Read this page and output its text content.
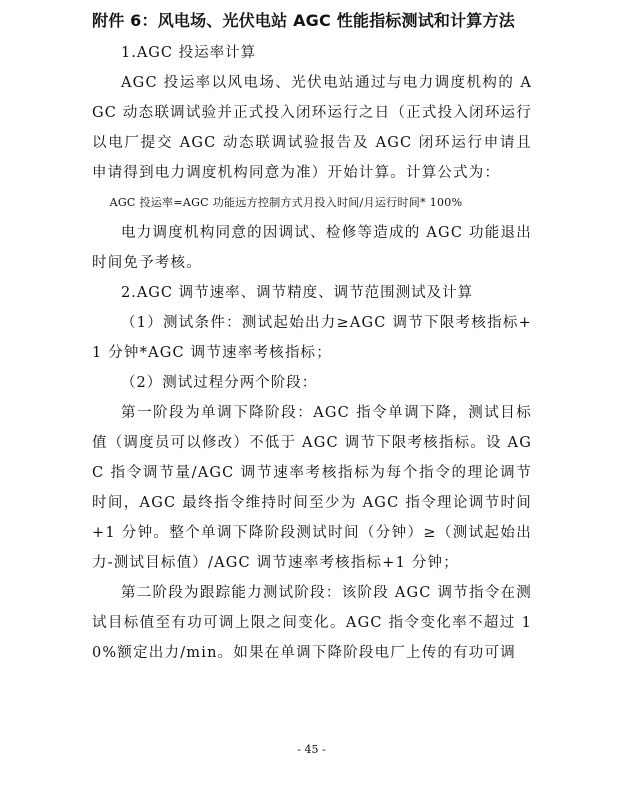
附件 6：风电场、光伏电站 AGC 性能指标测试和计算方法
1.AGC 投运率计算

AGC 投运率以风电场、光伏电站通过与电力调度机构的 AGC 动态联调试验并正式投入闭环运行之日（正式投入闭环运行以电厂提交 AGC 动态联调试验报告及 AGC 闭环运行申请且申请得到电力调度机构同意为准）开始计算。计算公式为：

AGC 投运率=AGC 功能远方控制方式月投入时间/月运行时间* 100%

电力调度机构同意的因调试、检修等造成的 AGC 功能退出时间免予考核。

2.AGC 调节速率、调节精度、调节范围测试及计算

（1）测试条件：测试起始出力≥AGC 调节下限考核指标+1 分钟*AGC 调节速率考核指标；

（2）测试过程分两个阶段：

第一阶段为单调下降阶段：AGC 指令单调下降，测试目标值（调度员可以修改）不低于 AGC 调节下限考核指标。设 AGC 指令调节量/AGC 调节速率考核指标为每个指令的理论调节时间，AGC 最终指令维持时间至少为 AGC 指令理论调节时间+1 分钟。整个单调下降阶段测试时间（分钟）≥（测试起始出力-测试目标值）/AGC 调节速率考核指标+1 分钟；

第二阶段为跟踪能力测试阶段：该阶段 AGC 调节指令在测试目标值至有功可调上限之间变化。AGC 指令变化率不超过 10%额定出力/min。如果在单调下降阶段电厂上传的有功可调

- 45 -
